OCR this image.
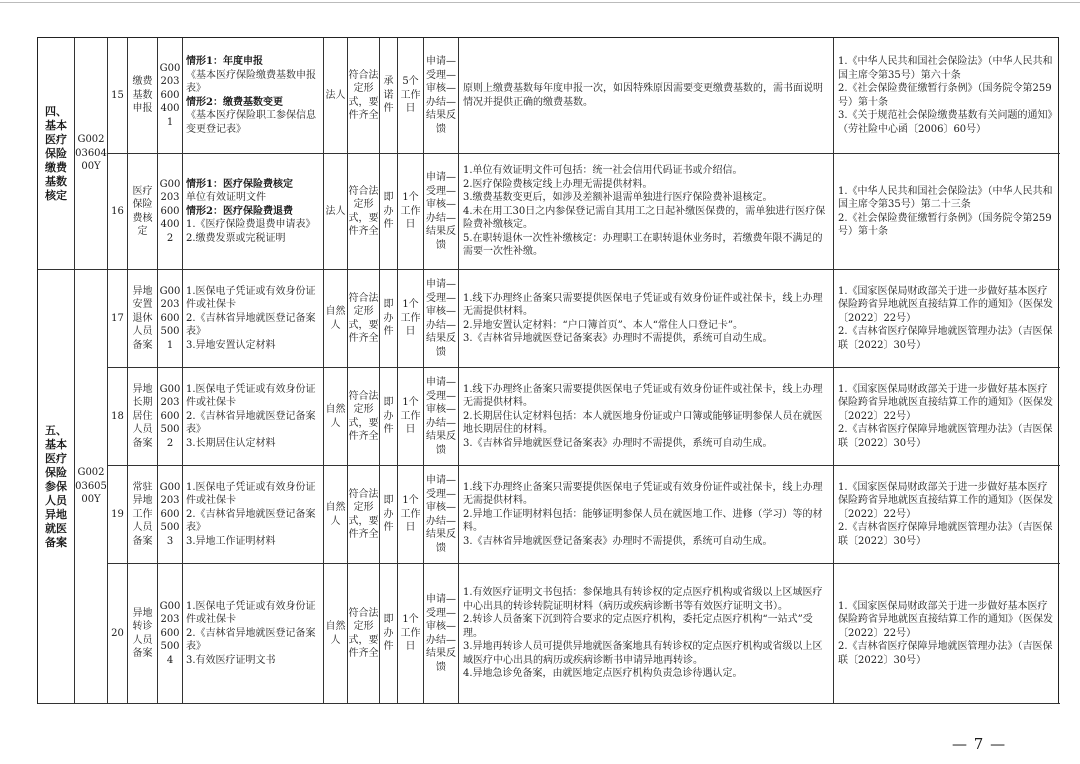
四、基本医疗保险缴费基数核定
G0020360400Y
15
缴费基数申报
G002036004001
情形1：年度申报
《基本医疗保险缴费基数申报表》
情形2：缴费基数变更
《基本医疗保险职工参保信息变更登记表》
法人
符合法定形式，要件齐全
承诺件
5个工作日
申请—受理—审核—办结—结果反馈
原则上缴费基数每年度申报一次，如因特殊原因需要变更缴费基数的，需书面说明情况并提供正确的缴费基数。
1.《中华人民共和国社会保险法》（中华人民共和国主席令第35号）第六十条
2.《社会保险费征缴暂行条例》（国务院令第259号）第十条
3.《关于规范社会保险缴费基数有关问题的通知》（劳社险中心函〔2006〕60号）
16
医疗保险费核定
G002036004002
情形1：医疗保险费核定
单位有效证明文件
情形2：医疗保险费退费
1.《医疗保险费退费申请表》
2.缴费发票或完税证明
法人
符合法定形式，要件齐全
即办件
1个工作日
申请—受理—审核—办结—结果反馈
1.单位有效证明文件可包括：统一社会信用代码证书或介绍信。
2.医疗保险费核定线上办理无需提供材料。
3.缴费基数变更后，如涉及差额补退需单独进行医疗保险费补退核定。
4.未在用工30日之内参保登记需自其用工之日起补缴医保费的，需单独进行医疗保险费补缴核定。
5.在职转退休一次性补缴核定：办理职工在职转退休业务时，若缴费年限不满足的需要一次性补缴。
1.《中华人民共和国社会保险法》（中华人民共和国主席令第35号）第二十三条
2.《社会保险费征缴暂行条例》（国务院令第259号）第十条
五、基本医疗保险参保人员异地就医备案
G0020360500Y
17
异地安置退休人员备案
G002036005001
1.医保电子凭证或有效身份证件或社保卡
2.《吉林省异地就医登记备案表》
3.异地安置认定材料
自然人
符合法定形式，要件齐全
即办件
1个工作日
申请—受理—审核—办结—结果反馈
1.线下办理终止备案只需要提供医保电子凭证或有效身份证件或社保卡，线上办理无需提供材料。
2.异地安置认定材料：“户口簿首页”、本人“常住人口登记卡”。
3.《吉林省异地就医登记备案表》办理时不需提供，系统可自动生成。
1.《国家医保局财政部关于进一步做好基本医疗保险跨省异地就医直接结算工作的通知》（医保发〔2022〕22号）
2.《吉林省医疗保障异地就医管理办法》（吉医保联〔2022〕30号）
18
异地长期居住人员备案
G002036005002
1.医保电子凭证或有效身份证件或社保卡
2.《吉林省异地就医登记备案表》
3.长期居住认定材料
自然人
符合法定形式，要件齐全
即办件
1个工作日
申请—受理—审核—办结—结果反馈
1.线下办理终止备案只需要提供医保电子凭证或有效身份证件或社保卡，线上办理无需提供材料。
2.长期居住认定材料包括：本人就医地身份证或户口簿或能够证明参保人员在就医地长期居住的材料。
3.《吉林省异地就医登记备案表》办理时不需提供，系统可自动生成。
1.《国家医保局财政部关于进一步做好基本医疗保险跨省异地就医直接结算工作的通知》（医保发〔2022〕22号）
2.《吉林省医疗保障异地就医管理办法》（吉医保联〔2022〕30号）
19
常驻异地工作人员备案
G002036005003
1.医保电子凭证或有效身份证件或社保卡
2.《吉林省异地就医登记备案表》
3.异地工作证明材料
自然人
符合法定形式，要件齐全
即办件
1个工作日
申请—受理—审核—办结—结果反馈
1.线下办理终止备案只需要提供医保电子凭证或有效身份证件或社保卡，线上办理无需提供材料。
2.异地工作证明材料包括：能够证明参保人员在就医地工作、进修（学习）等的材料。
3.《吉林省异地就医登记备案表》办理时不需提供，系统可自动生成。
1.《国家医保局财政部关于进一步做好基本医疗保险跨省异地就医直接结算工作的通知》（医保发〔2022〕22号）
2.《吉林省医疗保障异地就医管理办法》（吉医保联〔2022〕30号）
20
异地转诊人员备案
G002036005004
1.医保电子凭证或有效身份证件或社保卡
2.《吉林省异地就医登记备案表》
3.有效医疗证明文书
自然人
符合法定形式，要件齐全
即办件
1个工作日
申请—受理—审核—办结—结果反馈
1.有效医疗证明文书包括：参保地具有转诊权的定点医疗机构或省级以上区域医疗中心出具的转诊转院证明材料（病历或疾病诊断书等有效医疗证明文书）。
2.转诊人员备案下沉到符合要求的定点医疗机构，委托定点医疗机构“一站式”受理。
3.异地再转诊人员可提供异地就医备案地具有转诊权的定点医疗机构或省级以上区域医疗中心出具的病历或疾病诊断书申请异地再转诊。
4.异地急诊免备案，由就医地定点医疗机构负责急诊待遇认定。
1.《国家医保局财政部关于进一步做好基本医疗保险跨省异地就医直接结算工作的通知》（医保发〔2022〕22号）
2.《吉林省医疗保障异地就医管理办法》（吉医保联〔2022〕30号）
— 7 —
